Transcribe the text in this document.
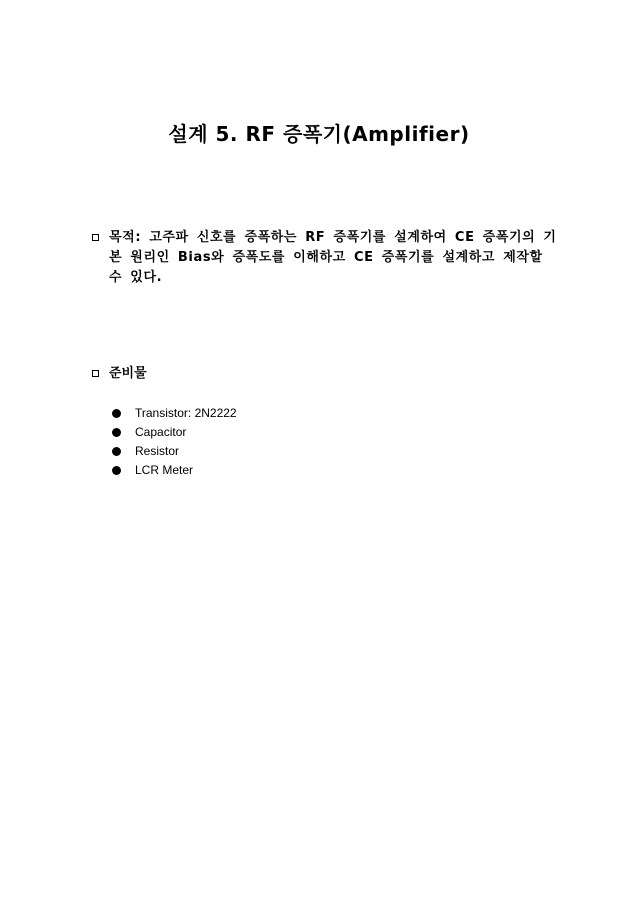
설계 5. RF 증폭기(Amplifier)
목적: 고주파 신호를 증폭하는 RF 증폭기를 설계하여 CE 증폭기의 기본 원리인 Bias와 증폭도를 이해하고 CE 증폭기를 설계하고 제작할 수 있다.
준비물
Transistor: 2N2222
Capacitor
Resistor
LCR Meter
